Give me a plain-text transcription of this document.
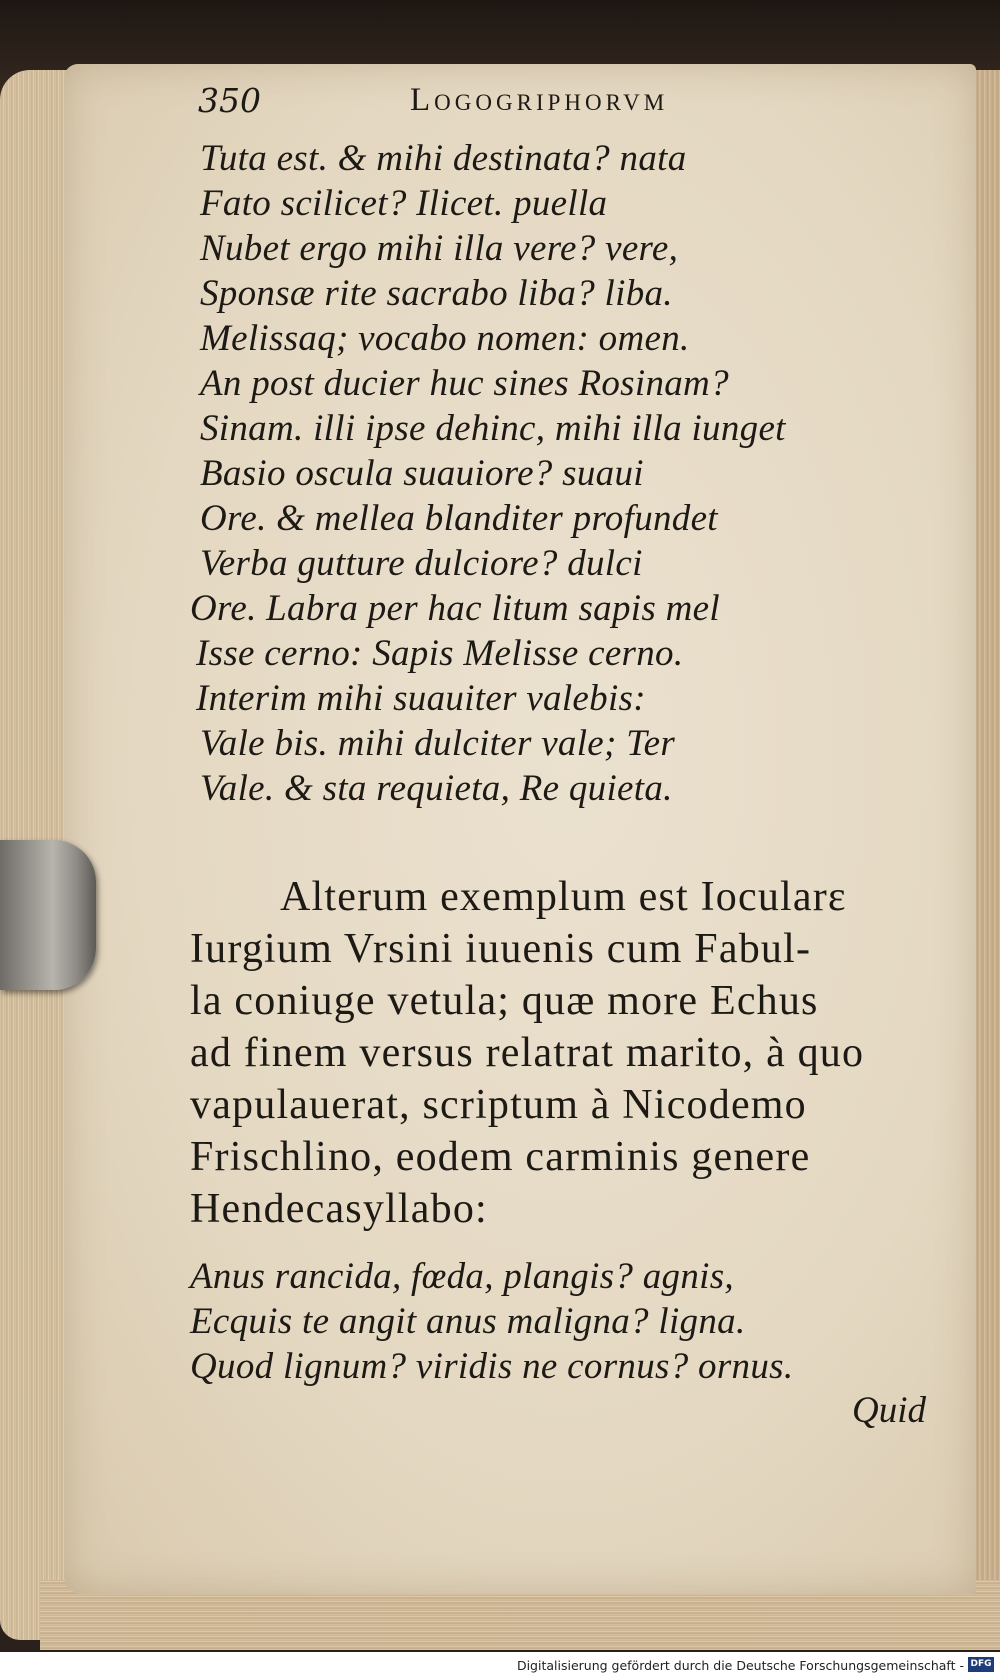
350	Logogriphorvm
Tuta est. & mihi destinata? nata
Fato scilicet? Ilicet. puella
Nubet ergo mihi illa vere? vere,
Sponsæ rite sacrabo liba? liba.
Melissaq; vocabo nomen: omen.
An post ducier huc sines Rosinam?
Sinam. illi ipse dehinc, mihi illa iunget
Basio oscula suauiore? suaui
Ore. & mellea blanditer profundet
Verba gutture dulciore? dulci
Ore. Labra per hac litum sapis mel
Isse cerno: Sapis Melisse cerno.
Interim mihi suauiter valebis:
Vale bis. mihi dulciter vale; Ter
Vale. & sta requieta, Re quieta.
Alterum exemplum est Iocularε
Iurgium Vrsini iuuenis cum Fabul-
la coniuge vetula; quæ more Echus
ad finem versus relatrat marito, à quo
vapulauerat, scriptum à Nicodemo
Frischlino, eodem carminis genere
Hendecasyllabo:
Anus rancida, fœda, plangis? agnis,
Ecquis te angit anus maligna? ligna.
Quod lignum? viridis ne cornus? ornus.
Quid
Digitalisierung gefördert durch die Deutsche Forschungsgemeinschaft - DFG
